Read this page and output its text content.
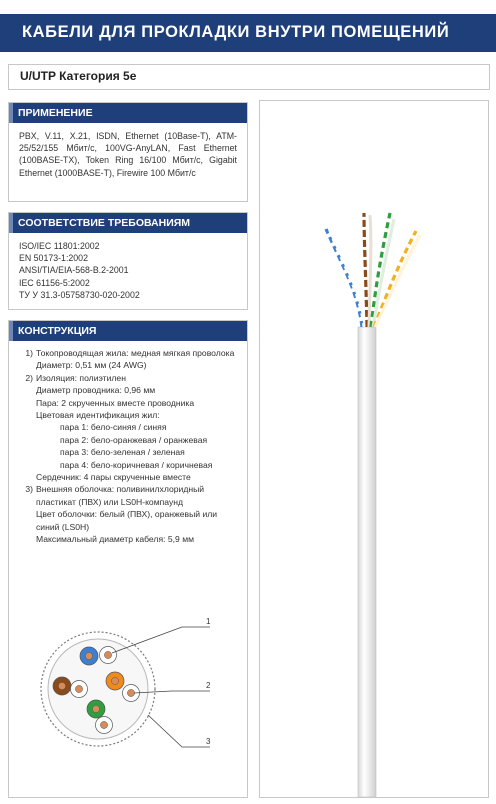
КАБЕЛИ ДЛЯ ПРОКЛАДКИ ВНУТРИ ПОМЕЩЕНИЙ
U/UTP Категория 5е
ПРИМЕНЕНИЕ
PBX, V.11, X.21, ISDN, Ethernet (10Base-T), ATM-25/52/155 Мбит/с, 100VG-AnyLAN, Fast Ethernet (100BASE-TX), Token Ring 16/100 Мбит/с, Gigabit Ethernet (1000BASE-T), Firewire 100 Мбит/с
СООТВЕТСТВИЕ ТРЕБОВАНИЯМ
ISO/IEC 11801:2002
EN 50173-1:2002
ANSI/TIA/EIA-568-B.2-2001
IEC 61156-5:2002
ТУ У 31.3-05758730-020-2002
КОНСТРУКЦИЯ
1) Токопроводящая жила: медная мягкая проволока
Диаметр: 0,51 мм (24 AWG)
2) Изоляция: полиэтилен
Диаметр проводника: 0,96 мм
Пара: 2 скрученных вместе проводника
Цветовая идентификация жил:
пара 1: бело-синяя / синяя
пара 2: бело-оранжевая / оранжевая
пара 3: бело-зеленая / зеленая
пара 4: бело-коричневая / коричневая
Сердечник: 4 пары скрученные вместе
3) Внешняя оболочка: поливинилхлоридный пластикат (ПВХ) или LS0H-компаунд
Цвет оболочки: белый (ПВХ), оранжевый или синий (LS0H)
Максимальный диаметр кабеля: 5,9 мм
1
2
3
